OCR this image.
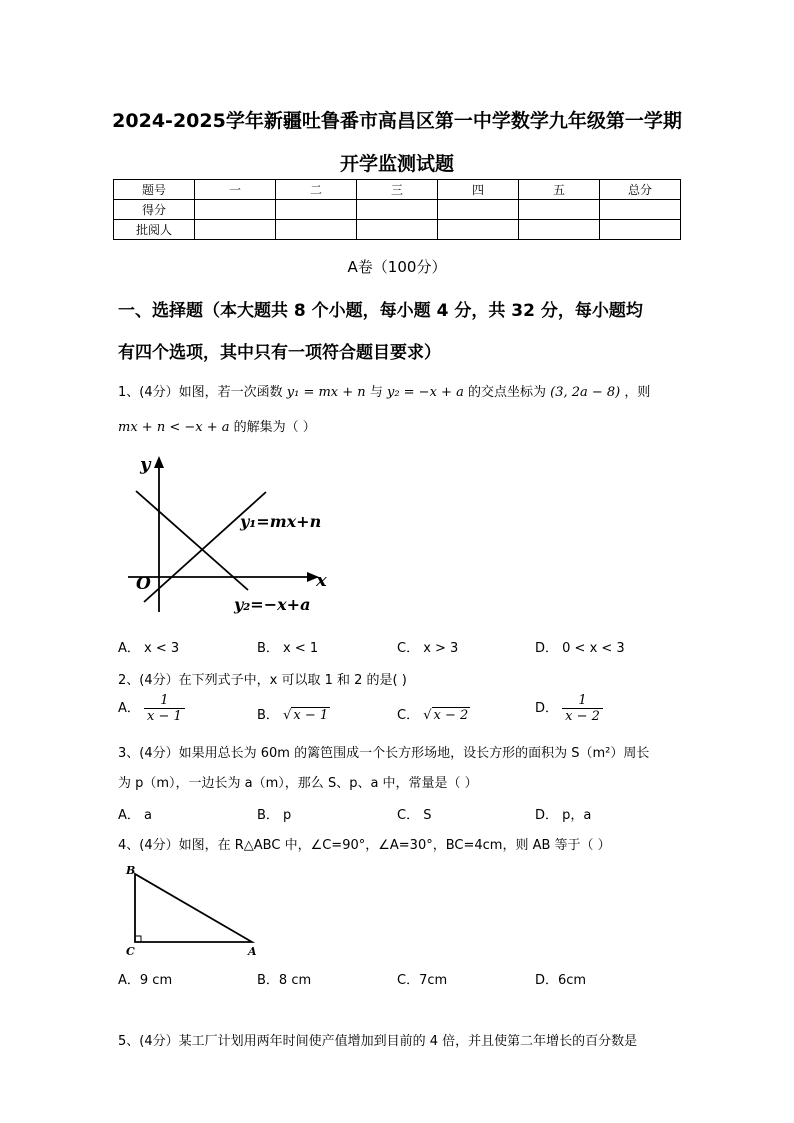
2024-2025学年新疆吐鲁番市高昌区第一中学数学九年级第一学期
开学监测试题
题号	一	二	三	四	五	总分
得分						
批阅人						
A卷（100分）
一、选择题（本大题共 8 个小题，每小题 4 分，共 32 分，每小题均
有四个选项，其中只有一项符合题目要求）
1、(4分）如图，若一次函数 y₁ = mx + n 与 y₂ = −x + a 的交点坐标为 (3, 2a − 8) ，则
mx + n < −x + a 的解集为（ ）
y
x
O
y₁=mx+n
y₂=−x+a
A． x < 3	B． x < 1	C． x > 3	D． 0 < x < 3
2、(4分）在下列式子中，x 可以取 1 和 2 的是( )
A． $\frac{1}{x - 1}$	B． √ x − 1	C． √ x − 2	D． $\frac{1}{x - 2}$
3、(4分）如果用总长为 60m 的篱笆围成一个长方形场地，设长方形的面积为 S（m²）周长
为 p（m），一边长为 a（m），那么 S、p、a 中，常量是（ ）
A． a	B． p	C． S	D． p，a
4、(4分）如图，在 R△ABC 中，∠C=90°，∠A=30°，BC=4cm，则 AB 等于（ ）
B
C	A
A．9 cm	B．8 cm	C．7cm	D．6cm
5、(4分）某工厂计划用两年时间使产值增加到目前的 4 倍，并且使第二年增长的百分数是
